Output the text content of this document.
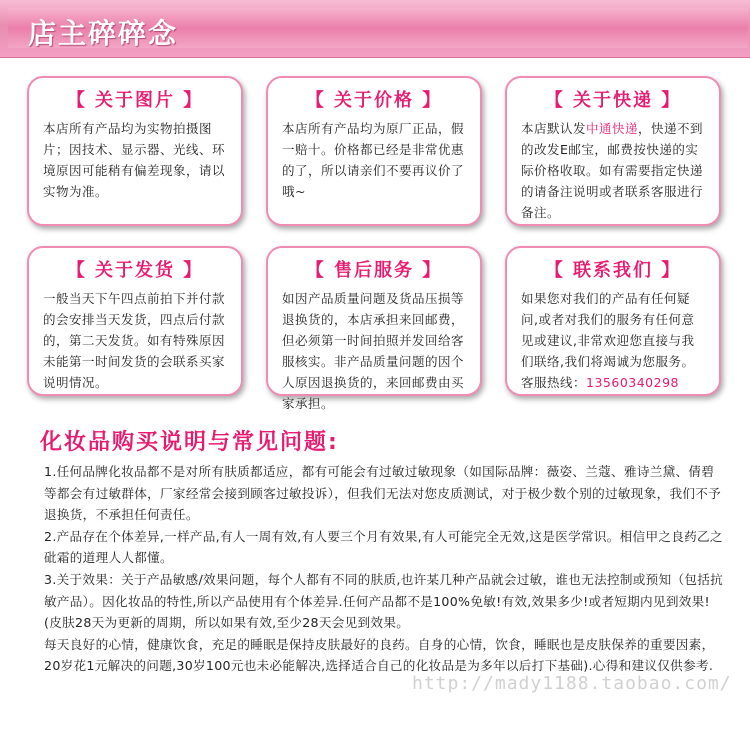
店主碎碎念
【 关于图片 】
本店所有产品均为实物拍摄图片；因技术、显示器、光线、环境原因可能稍有偏差现象，请以实物为准。
【 关于价格 】
本店所有产品均为原厂正品，假一赔十。价格都已经是非常优惠的了，所以请亲们不要再议价了哦~
【 关于快递 】
本店默认发中通快递，快递不到的改发E邮宝，邮费按快递的实际价格收取。如有需要指定快递的请备注说明或者联系客服进行备注。
【 关于发货 】
一般当天下午四点前拍下并付款的会安排当天发货，四点后付款的，第二天发货。如有特殊原因未能第一时间发货的会联系买家说明情况。
【 售后服务 】
如因产品质量问题及货品压损等退换货的，本店承担来回邮费，但必须第一时间拍照并发回给客服核实。非产品质量问题的因个人原因退换货的，来回邮费由买家承担。
【 联系我们 】
如果您对我们的产品有任何疑问,或者对我们的服务有任何意见或建议,非常欢迎您直接与我们联络,我们将竭诚为您服务。
客服热线：13560340298
化妆品购买说明与常见问题:
1.任何品牌化妆品都不是对所有肤质都适应，都有可能会有过敏过敏现象（如国际品牌：薇姿、兰蔻、雅诗兰黛、倩碧等都会有过敏群体，厂家经常会接到顾客过敏投诉），但我们无法对您皮质测试，对于极少数个别的过敏现象，我们不予退换货，不承担任何责任。
2.产品存在个体差异,一样产品,有人一周有效,有人要三个月有效果,有人可能完全无效,这是医学常识。相信甲之良药乙之砒霜的道理人人都懂。
3.关于效果：关于产品敏感/效果问题，每个人都有不同的肤质,也许某几种产品就会过敏，谁也无法控制或预知（包括抗敏产品）。因化妆品的特性,所以产品使用有个体差异.任何产品都不是100%免敏!有效,效果多少!或者短期内见到效果!(皮肤28天为更新的周期，所以如果有效,至少28天会见到效果。
每天良好的心情，健康饮食，充足的睡眠是保持皮肤最好的良药。自身的心情，饮食，睡眠也是皮肤保养的重要因素，20岁花1元解决的问题,30岁100元也未必能解决,选择适合自己的化妆品是为多年以后打下基础).心得和建议仅供参考.
http://mady1188.taobao.com/
